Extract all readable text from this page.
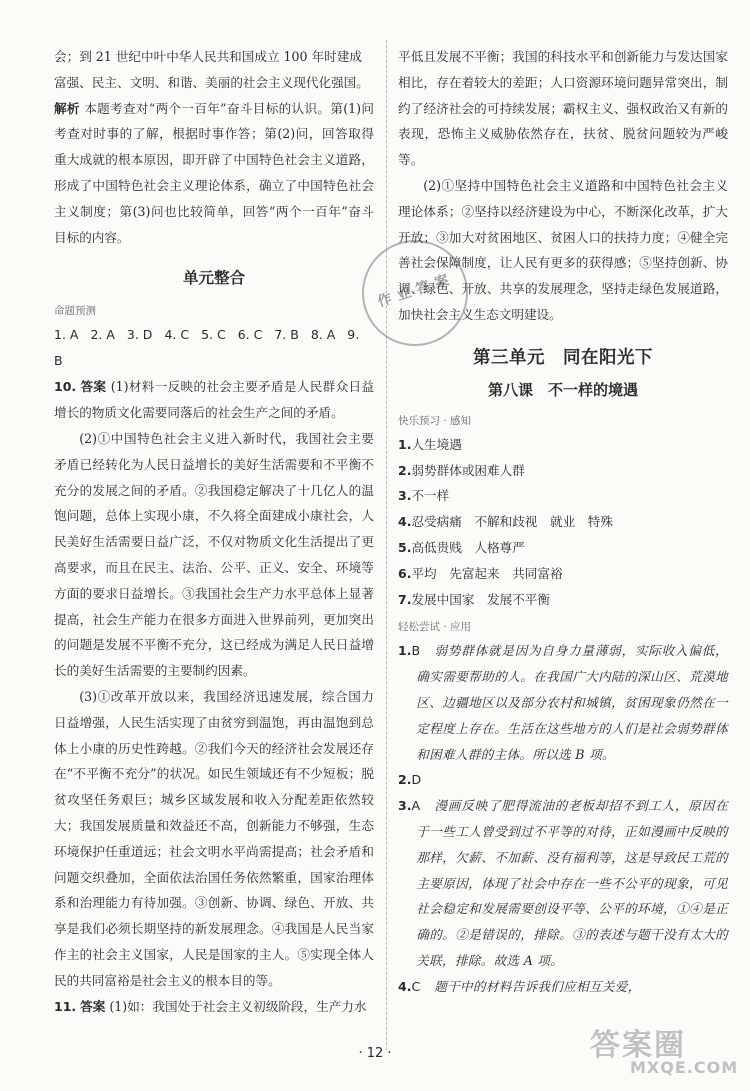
会；到 21 世纪中叶中华人民共和国成立 100 年时建成

富强、民主、文明、和谐、美丽的社会主义现代化强国。

解析 本题考查对“两个一百年”奋斗目标的认识。第(1)问考查对时事的了解，根据时事作答；第(2)问，回答取得重大成就的根本原因，即开辟了中国特色社会主义道路，形成了中国特色社会主义理论体系，确立了中国特色社会主义制度；第(3)问也比较简单，回答“两个一百年”奋斗目标的内容。

单元整合
命题预测
1. A 2. A 3. D 4. C 5. C 6. C 7. B 8. A 9. B

10. 答案 (1)材料一反映的社会主要矛盾是人民群众日益增长的物质文化需要同落后的社会生产之间的矛盾。

(2)①中国特色社会主义进入新时代，我国社会主要矛盾已经转化为人民日益增长的美好生活需要和不平衡不充分的发展之间的矛盾。②我国稳定解决了十几亿人的温饱问题，总体上实现小康，不久将全面建成小康社会，人民美好生活需要日益广泛，不仅对物质文化生活提出了更高要求，而且在民主、法治、公平、正义、安全、环境等方面的要求日益增长。③我国社会生产力水平总体上显著提高，社会生产能力在很多方面进入世界前列，更加突出的问题是发展不平衡不充分，这已经成为满足人民日益增长的美好生活需要的主要制约因素。

(3)①改革开放以来，我国经济迅速发展，综合国力日益增强，人民生活实现了由贫穷到温饱，再由温饱到总体上小康的历史性跨越。②我们今天的经济社会发展还存在“不平衡不充分”的状况。如民生领域还有不少短板；脱贫攻坚任务艰巨；城乡区域发展和收入分配差距依然较大；我国发展质量和效益还不高，创新能力不够强，生态环境保护任重道远；社会文明水平尚需提高；社会矛盾和问题交织叠加，全面依法治国任务依然繁重，国家治理体系和治理能力有待加强。③创新、协调、绿色、开放、共享是我们必须长期坚持的新发展理念。④我国是人民当家作主的社会主义国家，人民是国家的主人。⑤实现全体人民的共同富裕是社会主义的根本目的等。

11. 答案 (1)如：我国处于社会主义初级阶段，生产力水

平低且发展不平衡；我国的科技水平和创新能力与发达国家相比，存在着较大的差距；人口资源环境问题异常突出，制约了经济社会的可持续发展；霸权主义、强权政治又有新的表现，恐怖主义威胁依然存在，扶贫、脱贫问题较为严峻等。

(2)①坚持中国特色社会主义道路和中国特色社会主义理论体系；②坚持以经济建设为中心，不断深化改革，扩大开放；③加大对贫困地区、贫困人口的扶持力度；④健全完善社会保障制度，让人民有更多的获得感；⑤坚持创新、协调、绿色、开放、共享的发展理念，坚持走绿色发展道路，加快社会主义生态文明建设。

第三单元　同在阳光下
第八课　不一样的境遇
快乐预习 · 感知
1.人生境遇
2.弱势群体或困难人群
3.不一样
4.忍受病痛　不解和歧视　就业　特殊
5.高低贵贱　人格尊严
6.平均　先富起来　共同富裕
7.发展中国家　发展不平衡
轻松尝试 · 应用

1.B 弱势群体就是因为自身力量薄弱，实际收入偏低，确实需要帮助的人。在我国广大内陆的深山区、荒漠地区、边疆地区以及部分农村和城镇，贫困现象仍然在一定程度上存在。生活在这些地方的人们是社会弱势群体和困难人群的主体。所以选 B 项。

2.D

3.A 漫画反映了肥得流油的老板却招不到工人，原因在于一些工人曾受到过不平等的对待，正如漫画中反映的那样，欠薪、不加薪、没有福利等，这是导致民工荒的主要原因，体现了社会中存在一些不公平的现象，可见社会稳定和发展需要创设平等、公平的环境，①④是正确的。②是错误的，排除。③的表述与题干没有太大的关联，排除。故选 A 项。

4.C 题干中的材料告诉我们应相互关爱，

作业答案
· 12 ·	答案圈
MXQE.COM
